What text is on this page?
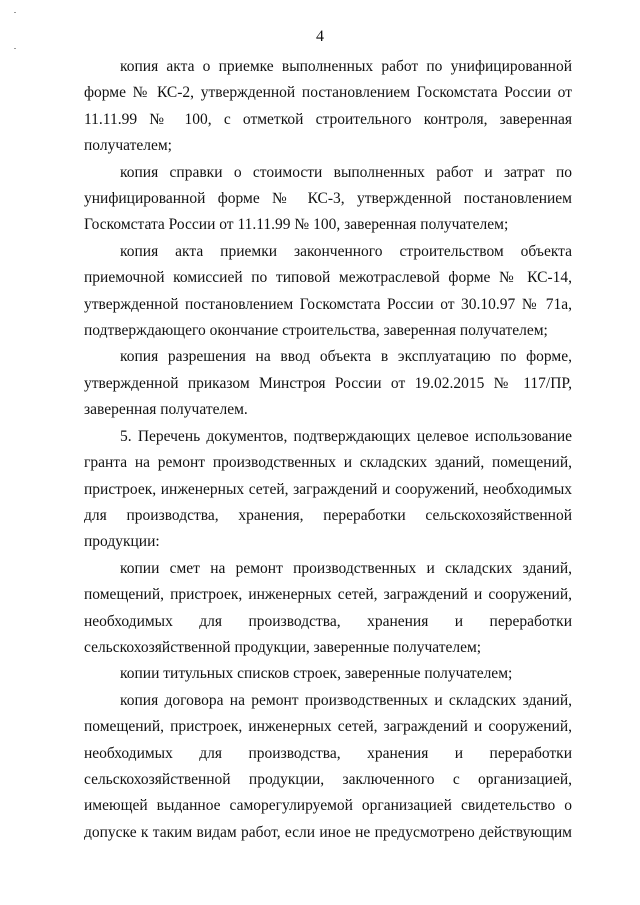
4

копия акта о приемке выполненных работ по унифицированной форме № КС-2, утвержденной постановлением Госкомстата России от 11.11.99 № 100, с отметкой строительного контроля, заверенная получателем;

копия справки о стоимости выполненных работ и затрат по унифицированной форме № КС-3, утвержденной постановлением Госкомстата России от 11.11.99 № 100, заверенная получателем;

копия акта приемки законченного строительством объекта приемочной комиссией по типовой межотраслевой форме № КС-14, утвержденной постановлением Госкомстата России от 30.10.97 № 71а, подтверждающего окончание строительства, заверенная получателем;

копия разрешения на ввод объекта в эксплуатацию по форме, утвержденной приказом Минстроя России от 19.02.2015 № 117/ПР, заверенная получателем.

5. Перечень документов, подтверждающих целевое использование гранта на ремонт производственных и складских зданий, помещений, пристроек, инженерных сетей, заграждений и сооружений, необходимых для производства, хранения, переработки сельскохозяйственной продукции:

копии смет на ремонт производственных и складских зданий, помещений, пристроек, инженерных сетей, заграждений и сооружений, необходимых для производства, хранения и переработки сельскохозяйственной продукции, заверенные получателем;

копии титульных списков строек, заверенные получателем;

копия договора на ремонт производственных и складских зданий, помещений, пристроек, инженерных сетей, заграждений и сооружений, необходимых для производства, хранения и переработки сельскохозяйственной продукции, заключенного с организацией, имеющей выданное саморегулируемой организацией свидетельство о допуске к таким видам работ, если иное не предусмотрено действующим
